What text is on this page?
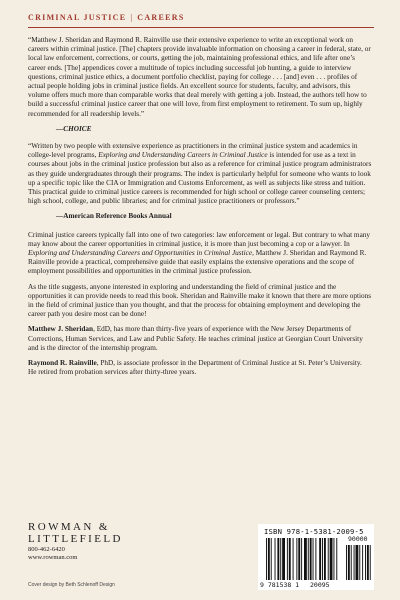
CRIMINAL JUSTICE | CAREERS

“Matthew J. Sheridan and Raymond R. Rainville use their extensive experience to write an exceptional work on careers within criminal justice. [The] chapters provide invaluable information on choosing a career in federal, state, or local law enforcement, corrections, or courts, getting the job, maintaining professional ethics, and life after one’s career ends. [The] appendices cover a multitude of topics including successful job hunting, a guide to interview questions, criminal justice ethics, a document portfolio checklist, paying for college . . . [and] even . . . profiles of actual people holding jobs in criminal justice fields. An excellent source for students, faculty, and advisors, this volume offers much more than comparable works that deal merely with getting a job. Instead, the authors tell how to build a successful criminal justice career that one will love, from first employment to retirement. To sum up, highly recommended for all readership levels.”

—CHOICE

“Written by two people with extensive experience as practitioners in the criminal justice system and academics in college-level programs, Exploring and Understanding Careers in Criminal Justice is intended for use as a text in courses about jobs in the criminal justice profession but also as a reference for criminal justice program administrators as they guide undergraduates through their programs. The index is particularly helpful for someone who wants to look up a specific topic like the CIA or Immigration and Customs Enforcement, as well as subjects like stress and tuition. This practical guide to criminal justice careers is recommended for high school or college career counseling centers; high school, college, and public libraries; and for criminal justice practitioners or professors.”

—American Reference Books Annual

Criminal justice careers typically fall into one of two categories: law enforcement or legal. But contrary to what many may know about the career opportunities in criminal justice, it is more than just becoming a cop or a lawyer. In Exploring and Understanding Careers and Opportunities in Criminal Justice, Matthew J. Sheridan and Raymond R. Rainville provide a practical, comprehensive guide that easily explains the extensive operations and the scope of employment possibilities and opportunities in the criminal justice profession.

As the title suggests, anyone interested in exploring and understanding the field of criminal justice and the opportunities it can provide needs to read this book. Sheridan and Rainville make it known that there are more options in the field of criminal justice than you thought, and that the process for obtaining employment and developing the career path you desire most can be done!

Matthew J. Sheridan, EdD, has more than thirty-five years of experience with the New Jersey Departments of Corrections, Human Services, and Law and Public Safety. He teaches criminal justice at Georgian Court University and is the director of the internship program.

Raymond R. Rainville, PhD, is associate professor in the Department of Criminal Justice at St. Peter’s University. He retired from probation services after thirty-three years.

ROWMAN &
LITTLEFIELD
800-462-6420
www.rowman.com
Cover design by Beth Schlenoff Design
ISBN 978-1-5381-2009-5
9 781538 1 20095
90000
